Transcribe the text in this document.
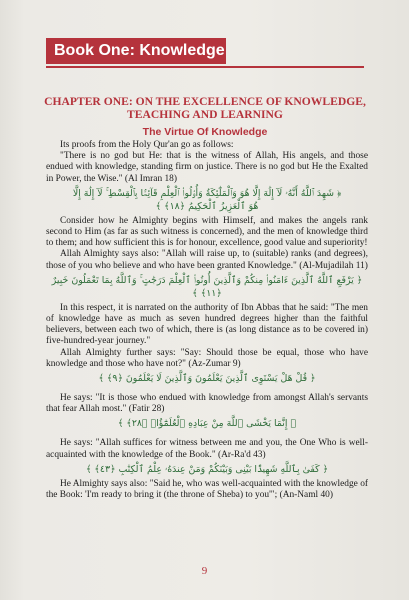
Book One: Knowledge
CHAPTER ONE: ON THE EXCELLENCE OF KNOWLEDGE,
TEACHING AND LEARNING
The Virtue Of Knowledge

Its proofs from the Holy Qur'an go as follows:

"There is no god but He: that is the witness of Allah, His angels, and those endued with knowledge, standing firm on justice. There is no god but He the Exalted in Power, the Wise." (Al Imran 18)

﴿ شَهِدَ ٱللَّهُ أَنَّهُۥ لَآ إِلَٰهَ إِلَّا هُوَ وَٱلْمَلَٰٓئِكَةُ وَأُو۟لُوا۟ ٱلْعِلْمِ قَآئِمًۢا بِٱلْقِسْطِ ۚ لَآ إِلَٰهَ إِلَّا
هُوَ ٱلْعَزِيزُ ٱلْحَكِيمُ ﴿١٨﴾ ﴾

Consider how he Almighty begins with Himself, and makes the angels rank second to Him (as far as such witness is concerned), and the men of knowledge third to them; and how sufficient this is for honour, excellence, good value and superiority!

Allah Almighty says also: "Allah will raise up, to (suitable) ranks (and degrees), those of you who believe and who have been granted Knowledge." (Al-Mujadilah 11)

﴿ يَرْفَعِ ٱللَّهُ ٱلَّذِينَ ءَامَنُوا۟ مِنكُمْ وَٱلَّذِينَ أُوتُوا۟ ٱلْعِلْمَ دَرَجَٰتٍ ۚ وَٱللَّهُ بِمَا تَعْمَلُونَ خَبِيرٌ ﴿١١﴾ ﴾

In this respect, it is narrated on the authority of Ibn Abbas that he said: "The men of knowledge have as much as seven hundred degrees higher than the faithful believers, between each two of which, there is (as long distance as to be covered in) five-hundred-year journey."

Allah Almighty further says: "Say: Should those be equal, those who have knowledge and those who have not?" (Az-Zumar 9)

﴿ قُلْ هَلْ يَسْتَوِى ٱلَّذِينَ يَعْلَمُونَ وَٱلَّذِينَ لَا يَعْلَمُونَ ﴿٩﴾ ﴾

He says: "It is those who endued with knowledge from amongst Allah's servants that fear Allah most." (Fatir 28)

﴿ إِنَّمَا يَخْشَى ٱللَّهَ مِنْ عِبَادِهِ ٱلْعُلَمَٰٓؤُا۟ ﴿٢٨﴾ ﴾

He says: "Allah suffices for witness between me and you, the One Who is well-acquainted with the knowledge of the Book." (Ar-Ra'd 43)

﴿ كَفَىٰ بِٱللَّهِ شَهِيدًۢا بَيْنِى وَبَيْنَكُمْ وَمَنْ عِندَهُۥ عِلْمُ ٱلْكِتَٰبِ ﴿٤٣﴾ ﴾

He Almighty says also: "Said he, who was well-acquainted with the knowledge of the Book: 'I'm ready to bring it (the throne of Sheba) to you'"; (An-Naml 40)

9
